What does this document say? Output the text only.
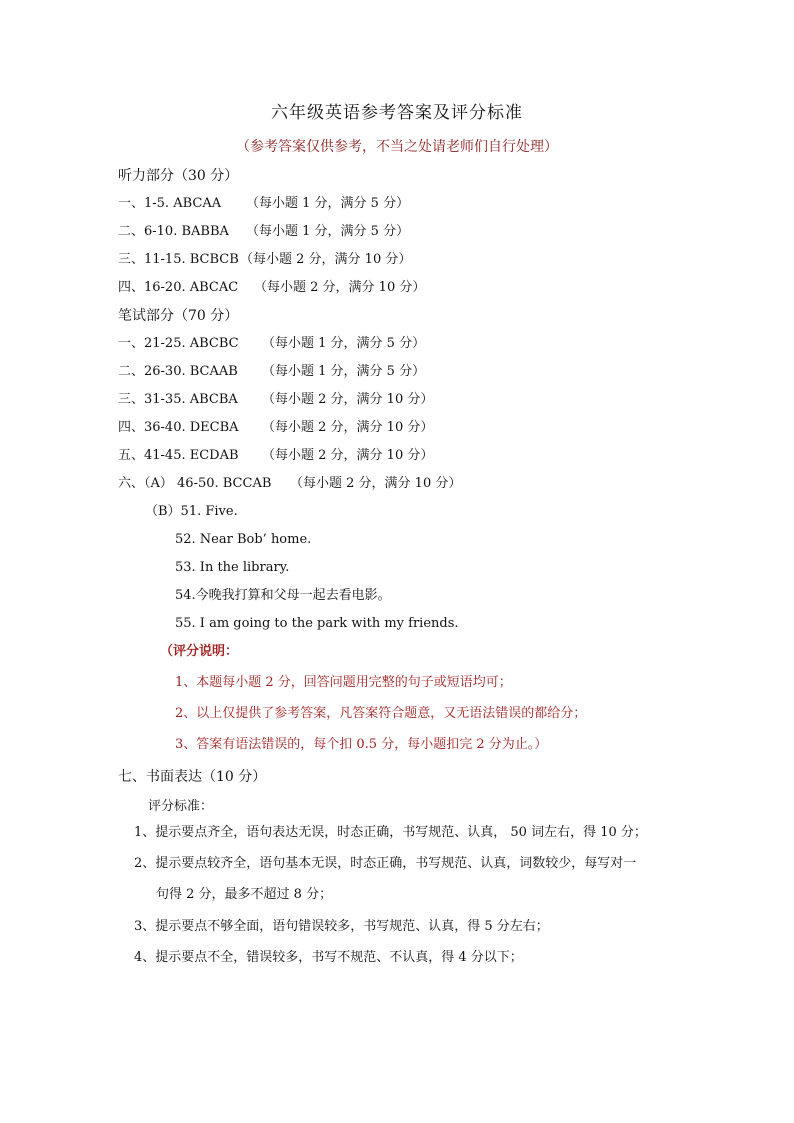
六年级英语参考答案及评分标准
（参考答案仅供参考，不当之处请老师们自行处理）
听力部分（30 分）
一、1-5. ABCAA （每小题 1 分，满分 5 分）
二、6-10. BABBA （每小题 1 分，满分 5 分）
三、11-15. BCBCB （每小题 2 分，满分 10 分）
四、16-20. ABCAC （每小题 2 分，满分 10 分）
笔试部分（70 分）
一、21-25. ABCBC （每小题 1 分，满分 5 分）
二、26-30. BCAAB （每小题 1 分，满分 5 分）
三、31-35. ABCBA （每小题 2 分，满分 10 分）
四、36-40. DECBA （每小题 2 分，满分 10 分）
五、41-45. ECDAB （每小题 2 分，满分 10 分）
六、（A） 46-50. BCCAB （每小题 2 分，满分 10 分）
（B）51. Five.
52. Near Bob’ home.
53. In the library.
54.今晚我打算和父母一起去看电影。
55. I am going to the park with my friends.
（评分说明：
1、本题每小题 2 分，回答问题用完整的句子或短语均可；
2、以上仅提供了参考答案，凡答案符合题意，又无语法错误的都给分；
3、答案有语法错误的，每个扣 0.5 分，每小题扣完 2 分为止。）
七、书面表达（10 分）
评分标准：
1、提示要点齐全，语句表达无误，时态正确，书写规范、认真， 50 词左右，得 10 分；
2、提示要点较齐全，语句基本无误，时态正确，书写规范、认真，词数较少，每写对一
句得 2 分，最多不超过 8 分；
3、提示要点不够全面，语句错误较多，书写规范、认真，得 5 分左右；
4、提示要点不全，错误较多，书写不规范、不认真，得 4 分以下；
